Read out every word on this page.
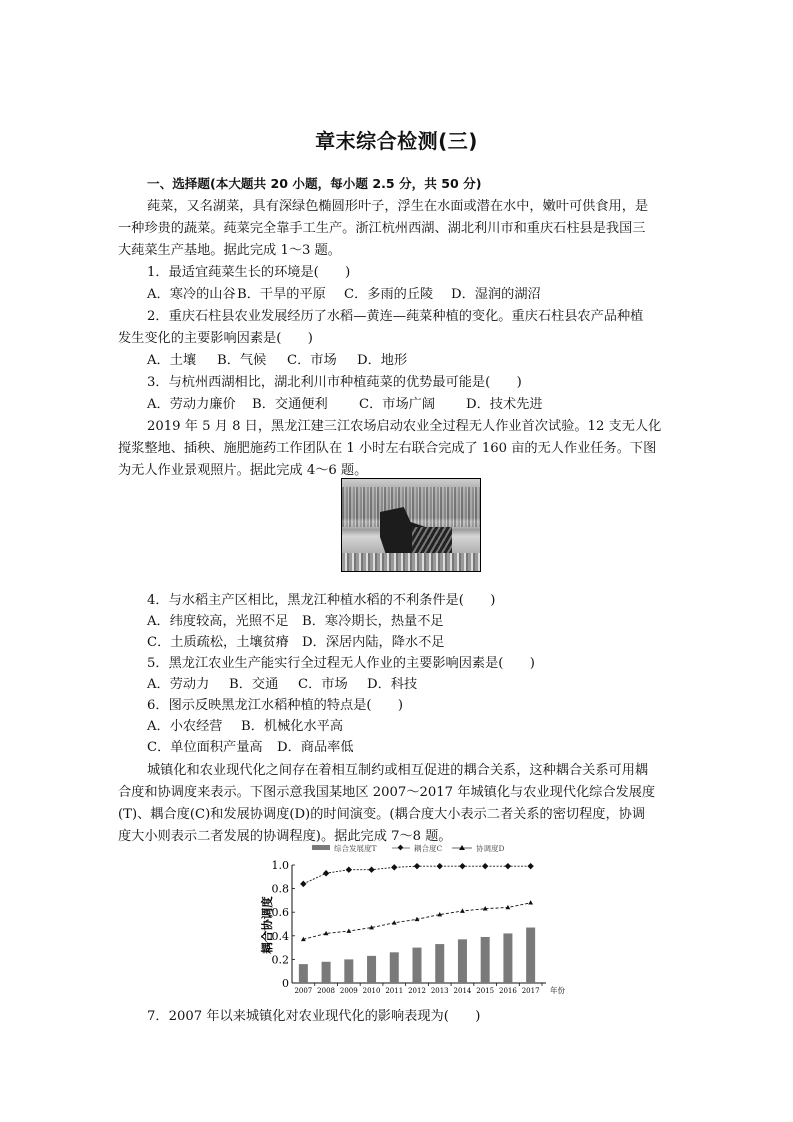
章末综合检测(三)
一、选择题(本大题共 20 小题，每小题 2.5 分，共 50 分)
莼菜，又名湖菜，具有深绿色椭圆形叶子，浮生在水面或潜在水中，嫩叶可供食用，是
一种珍贵的蔬菜。莼菜完全靠手工生产。浙江杭州西湖、湖北利川市和重庆石柱县是我国三
大莼菜生产基地。据此完成 1～3 题。
1．最适宜莼菜生长的环境是(　　)
A．寒冷的山谷B．干旱的平原 C．多雨的丘陵 D．湿润的湖沼
2．重庆石柱县农业发展经历了水稻—黄连—莼菜种植的变化。重庆石柱县农产品种植
发生变化的主要影响因素是(　　)
A．土壤 B．气候 C．市场 D．地形
3．与杭州西湖相比，湖北利川市种植莼菜的优势最可能是(　　)
A．劳动力廉价 B．交通便利 C．市场广阔 D．技术先进
2019 年 5 月 8 日，黑龙江建三江农场启动农业全过程无人作业首次试验。12 支无人化
搅浆整地、插秧、施肥施药工作团队在 1 小时左右联合完成了 160 亩的无人作业任务。下图
为无人作业景观照片。据此完成 4～6 题。
4．与水稻主产区相比，黑龙江种植水稻的不利条件是(　　)
A．纬度较高，光照不足 B．寒冷期长，热量不足
C．土质疏松，土壤贫瘠 D．深居内陆，降水不足
5．黑龙江农业生产能实行全过程无人作业的主要影响因素是(　　)
A．劳动力 B．交通 C．市场 D．科技
6．图示反映黑龙江水稻种植的特点是(　　)
A．小农经营 B．机械化水平高
C．单位面积产量高 D．商品率低
城镇化和农业现代化之间存在着相互制约或相互促进的耦合关系，这种耦合关系可用耦
合度和协调度来表示。下图示意我国某地区 2007～2017 年城镇化与农业现代化综合发展度
(T)、耦合度(C)和发展协调度(D)的时间演变。(耦合度大小表示二者关系的密切程度，协调
度大小则表示二者发展的协调程度)。据此完成 7～8 题。
综合发展度T	耦合度C	协调度D
耦合协调度
0
0.2
0.4
0.6
0.8
1.0
2007 2008 2009 2010 2011 2012 2013 2014 2015 2016 2017 年份
7．2007 年以来城镇化对农业现代化的影响表现为(　　)
